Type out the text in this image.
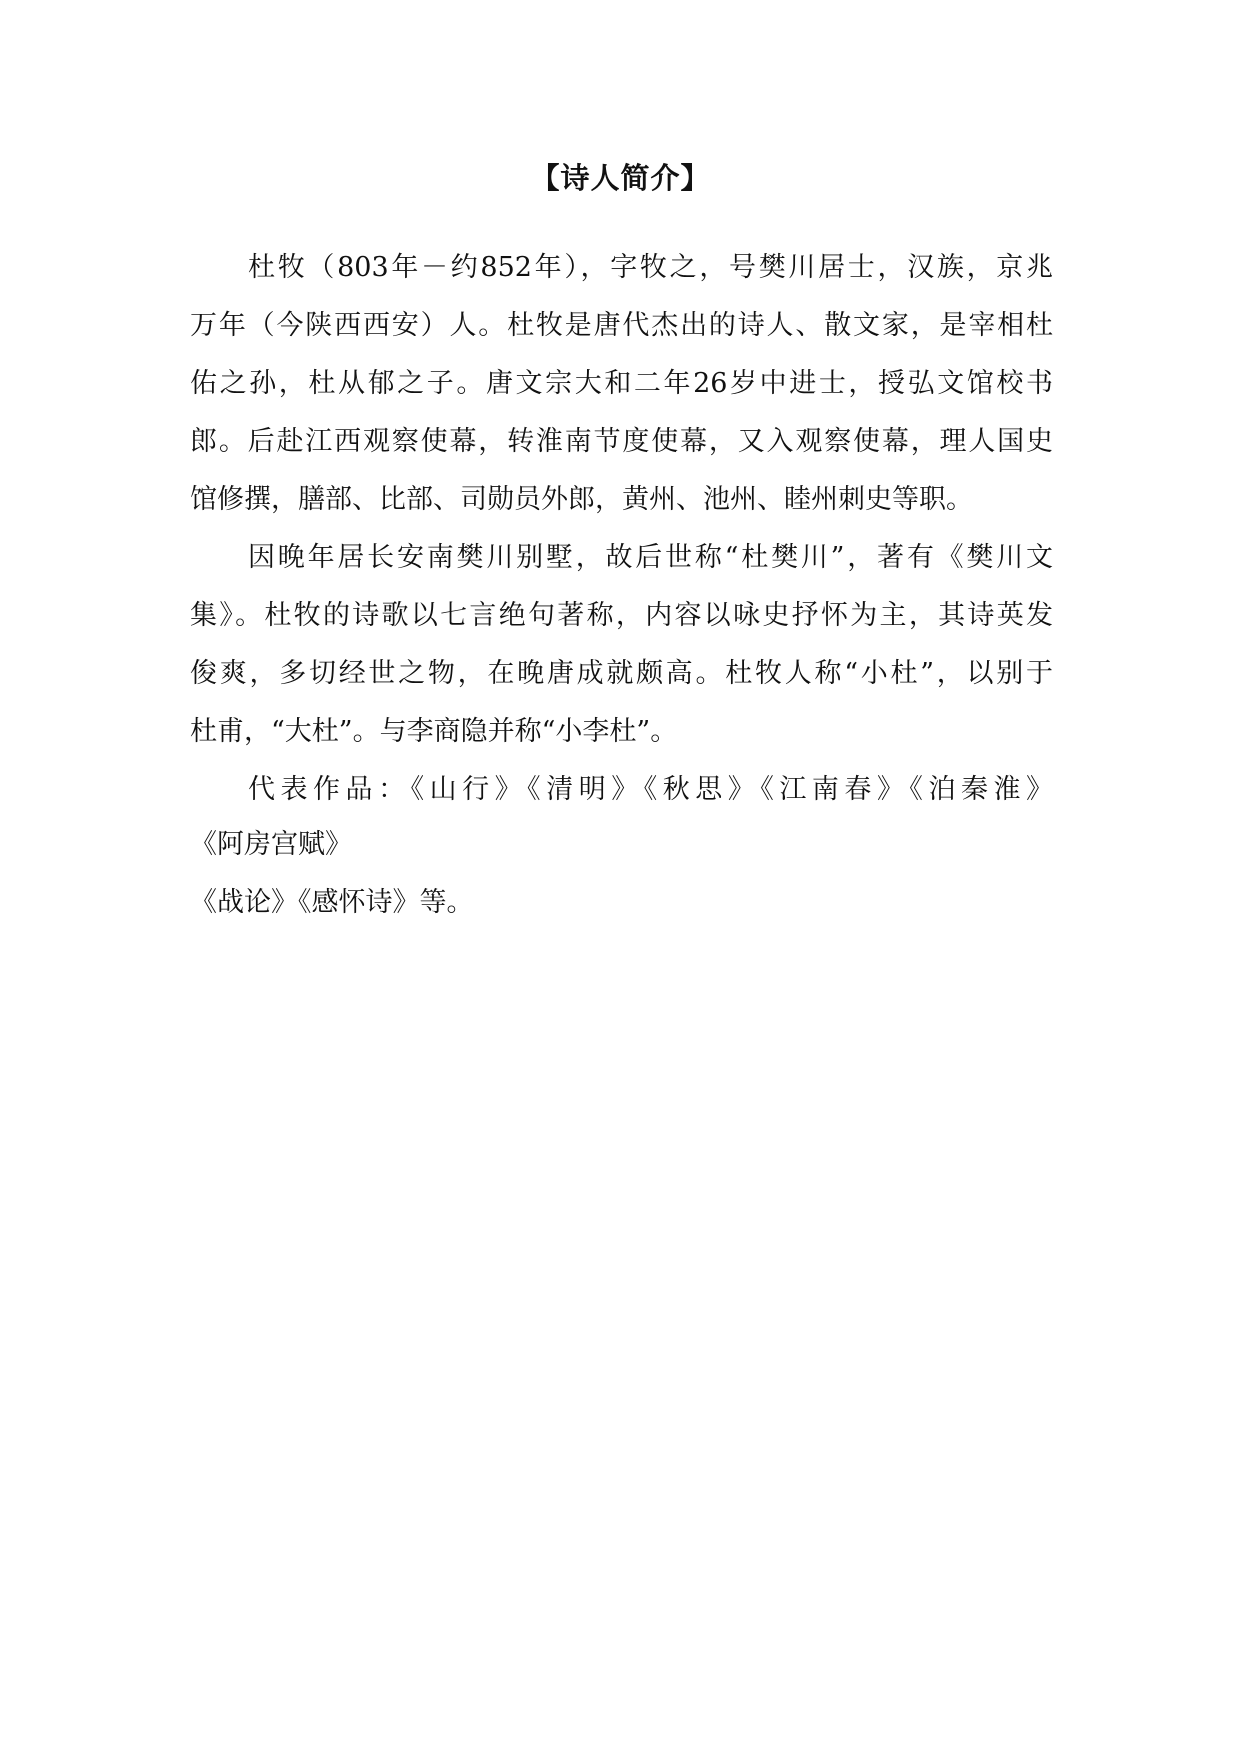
【诗人简介】
杜牧（803年－约852年），字牧之，号樊川居士，汉族，京兆
万年（今陕西西安）人。杜牧是唐代杰出的诗人、散文家，是宰相杜
佑之孙，杜从郁之子。唐文宗大和二年26岁中进士，授弘文馆校书
郎。后赴江西观察使幕，转淮南节度使幕，又入观察使幕，理人国史
馆修撰，膳部、比部、司勋员外郎，黄州、池州、睦州刺史等职。
因晚年居长安南樊川别墅，故后世称“杜樊川”，著有《樊川文
集》。杜牧的诗歌以七言绝句著称，内容以咏史抒怀为主，其诗英发
俊爽，多切经世之物，在晚唐成就颇高。杜牧人称“小杜”，以别于
杜甫，“大杜”。与李商隐并称“小李杜”。
代表作品：《山行》《清明》《秋思》《江南春》《泊秦淮》
《阿房宫赋》
《战论》《感怀诗》等。
